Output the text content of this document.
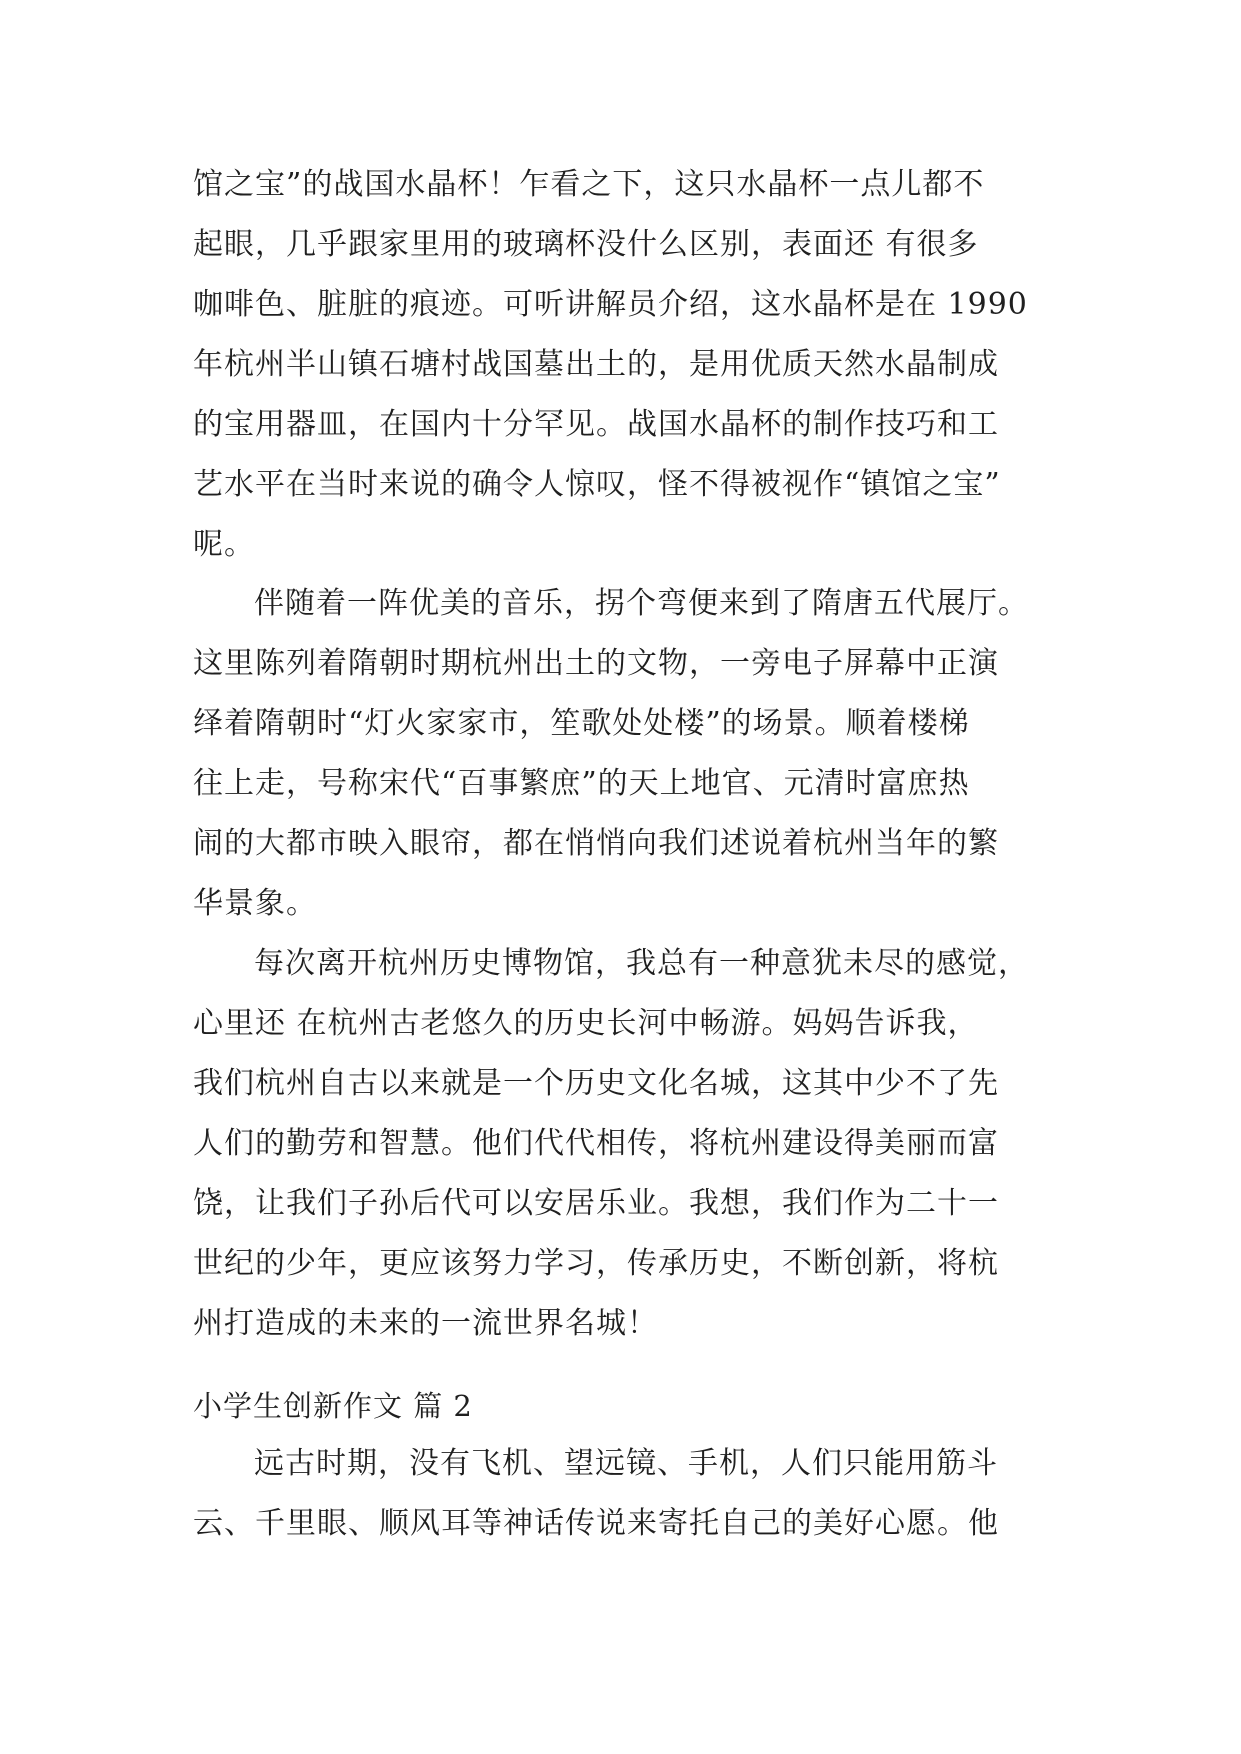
馆之宝”的战国水晶杯！乍看之下，这只水晶杯一点儿都不
起眼，几乎跟家里用的玻璃杯没什么区别，表面还 有很多
咖啡色、脏脏的痕迹。可听讲解员介绍，这水晶杯是在 1990
年杭州半山镇石塘村战国墓出土的，是用优质天然水晶制成
的宝用器皿，在国内十分罕见。战国水晶杯的制作技巧和工
艺水平在当时来说的确令人惊叹，怪不得被视作“镇馆之宝”
呢。
伴随着一阵优美的音乐，拐个弯便来到了隋唐五代展厅。
这里陈列着隋朝时期杭州出土的文物，一旁电子屏幕中正演
绎着隋朝时“灯火家家市，笙歌处处楼”的场景。顺着楼梯
往上走，号称宋代“百事繁庶”的天上地官、元清时富庶热
闹的大都市映入眼帘，都在悄悄向我们述说着杭州当年的繁
华景象。
每次离开杭州历史博物馆，我总有一种意犹未尽的感觉，
心里还 在杭州古老悠久的历史长河中畅游。妈妈告诉我，
我们杭州自古以来就是一个历史文化名城，这其中少不了先
人们的勤劳和智慧。他们代代相传，将杭州建设得美丽而富
饶，让我们子孙后代可以安居乐业。我想，我们作为二十一
世纪的少年，更应该努力学习，传承历史，不断创新，将杭
州打造成的未来的一流世界名城！
小学生创新作文 篇 2
远古时期，没有飞机、望远镜、手机，人们只能用筋斗
云、千里眼、顺风耳等神话传说来寄托自己的美好心愿。他
